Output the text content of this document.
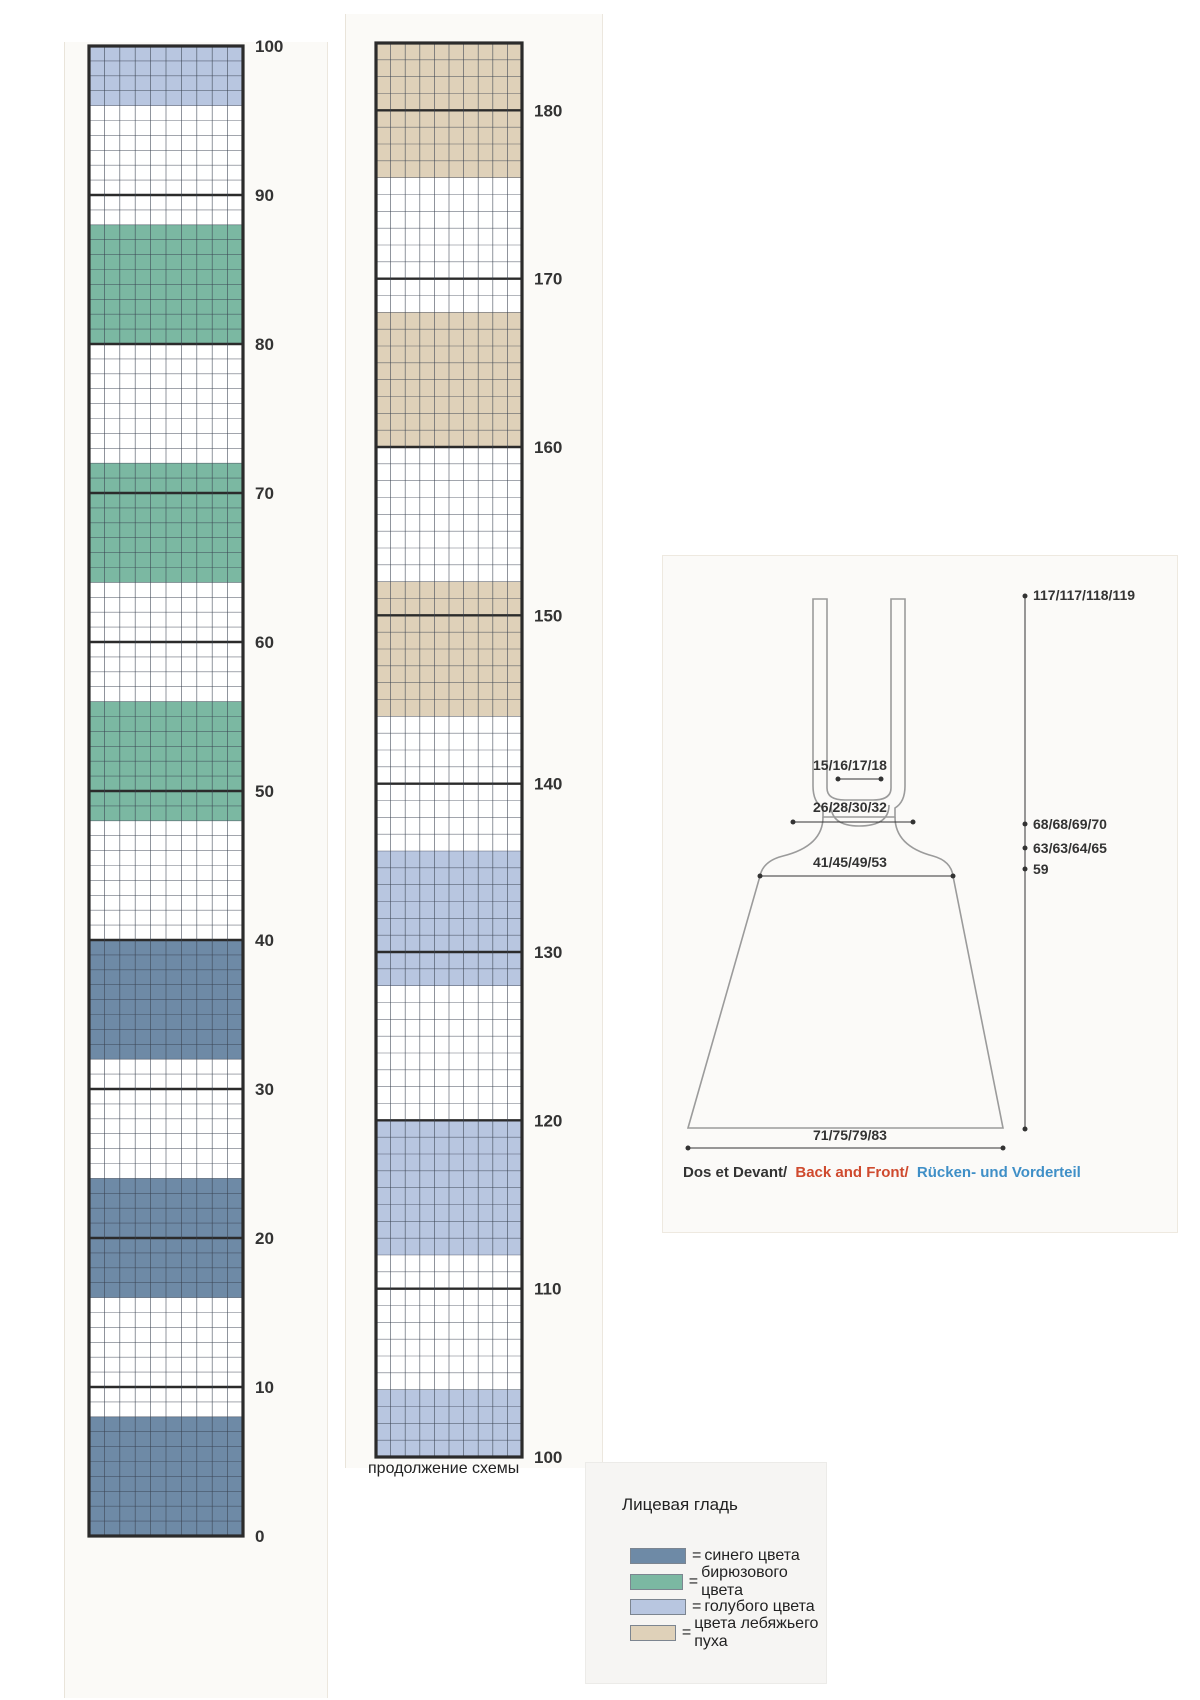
0
10
20
30
40
50
60
70
80
90
100
100
110
120
130
140
150
160
170
180
продолжение схемы
15/16/17/18
26/28/30/32
41/45/49/53
71/75/79/83
117/117/118/119
68/68/69/70
63/63/64/65
59
Dos et Devant/ Back and Front/ Rücken- und Vorderteil
Лицевая гладь
= синего цвета
=
бирюзового цвета
= голубого цвета
=
цвета лебяжьего пуха
